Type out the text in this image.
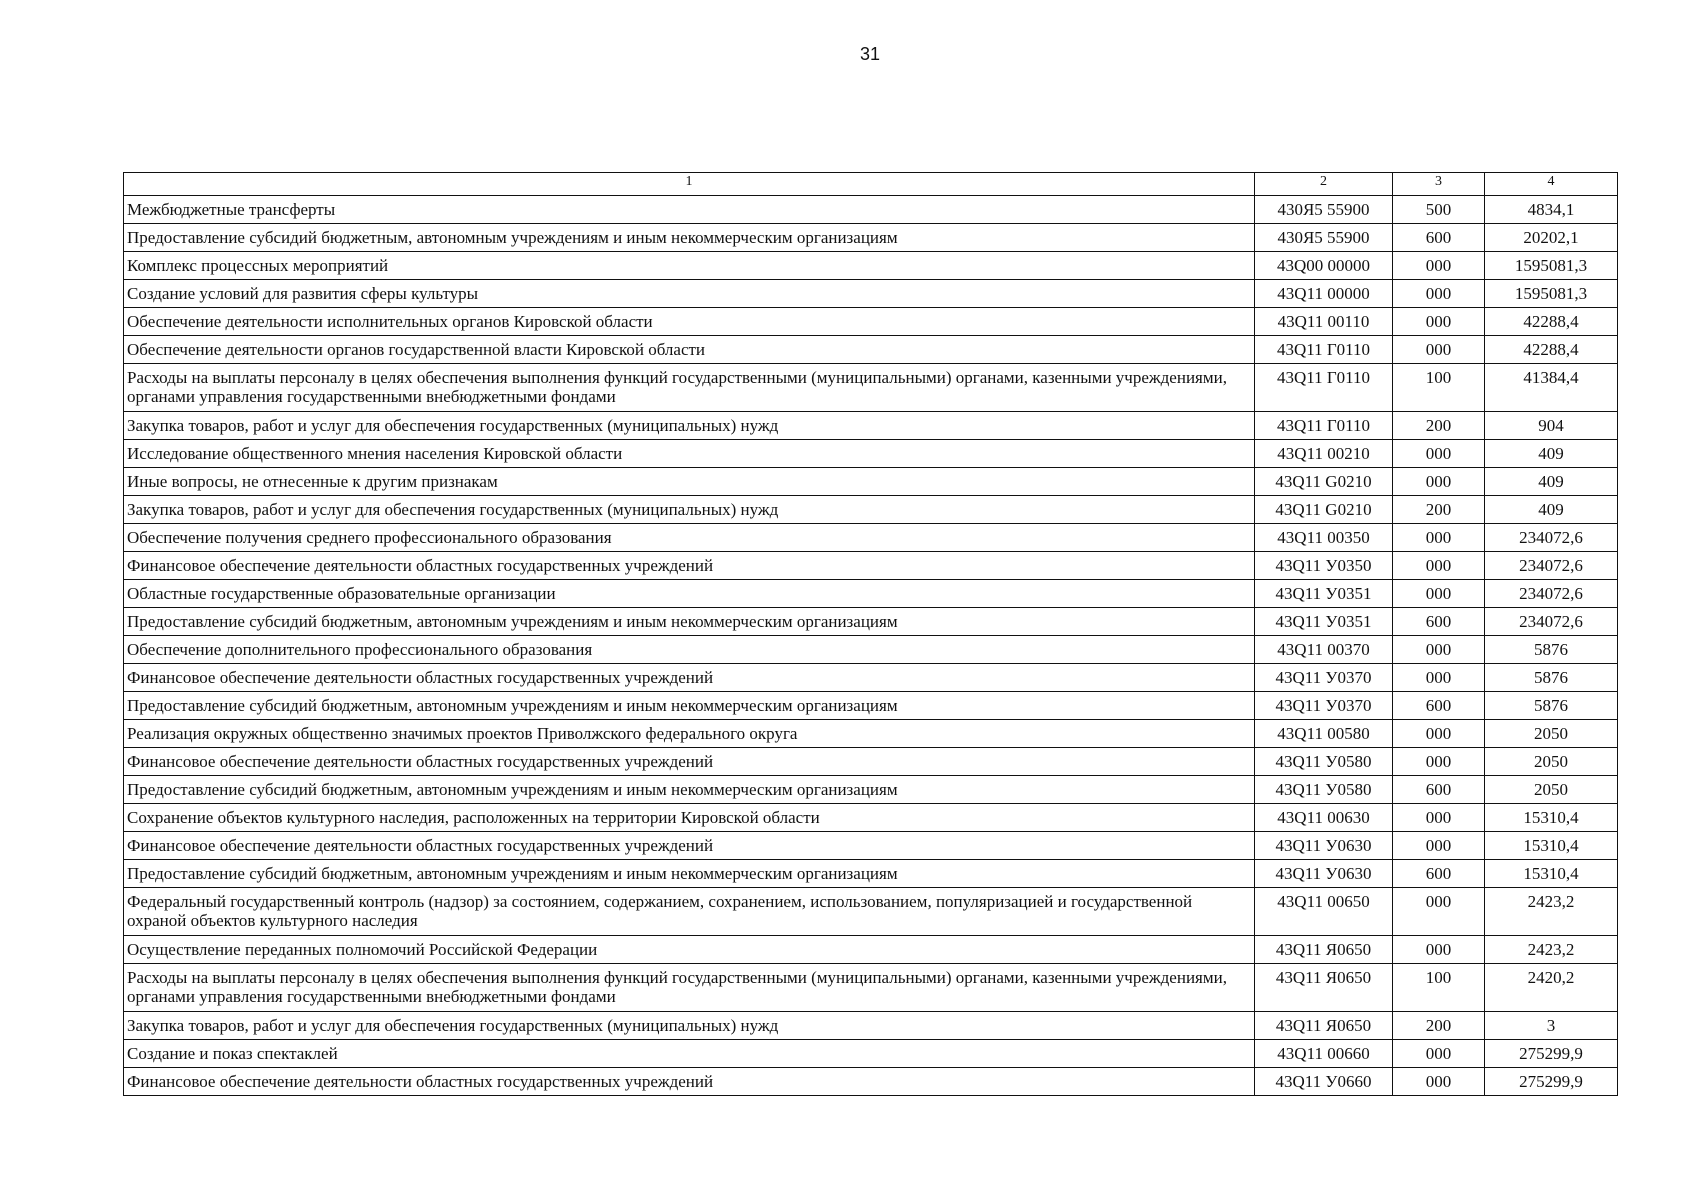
31
1	2	3	4
Межбюджетные трансферты	430Я5 55900	500	4834,1
Предоставление субсидий бюджетным, автономным учреждениям и иным некоммерческим организациям	430Я5 55900	600	20202,1
Комплекс процессных мероприятий	43Q00 00000	000	1595081,3
Создание условий для развития сферы культуры	43Q11 00000	000	1595081,3
Обеспечение деятельности исполнительных органов Кировской области	43Q11 00110	000	42288,4
Обеспечение деятельности органов государственной власти Кировской области	43Q11 Г0110	000	42288,4
Расходы на выплаты персоналу в целях обеспечения выполнения функций государственными (муниципальными) органами, казенными учреждениями, органами управления государственными внебюджетными фондами	43Q11 Г0110	100	41384,4
Закупка товаров, работ и услуг для обеспечения государственных (муниципальных) нужд	43Q11 Г0110	200	904
Исследование общественного мнения населения Кировской области	43Q11 00210	000	409
Иные вопросы, не отнесенные к другим признакам	43Q11 G0210	000	409
Закупка товаров, работ и услуг для обеспечения государственных (муниципальных) нужд	43Q11 G0210	200	409
Обеспечение получения среднего профессионального образования	43Q11 00350	000	234072,6
Финансовое обеспечение деятельности областных государственных учреждений	43Q11 У0350	000	234072,6
Областные государственные образовательные организации	43Q11 У0351	000	234072,6
Предоставление субсидий бюджетным, автономным учреждениям и иным некоммерческим организациям	43Q11 У0351	600	234072,6
Обеспечение дополнительного профессионального образования	43Q11 00370	000	5876
Финансовое обеспечение деятельности областных государственных учреждений	43Q11 У0370	000	5876
Предоставление субсидий бюджетным, автономным учреждениям и иным некоммерческим организациям	43Q11 У0370	600	5876
Реализация окружных общественно значимых проектов Приволжского федерального округа	43Q11 00580	000	2050
Финансовое обеспечение деятельности областных государственных учреждений	43Q11 У0580	000	2050
Предоставление субсидий бюджетным, автономным учреждениям и иным некоммерческим организациям	43Q11 У0580	600	2050
Сохранение объектов культурного наследия, расположенных на территории Кировской области	43Q11 00630	000	15310,4
Финансовое обеспечение деятельности областных государственных учреждений	43Q11 У0630	000	15310,4
Предоставление субсидий бюджетным, автономным учреждениям и иным некоммерческим организациям	43Q11 У0630	600	15310,4
Федеральный государственный контроль (надзор) за состоянием, содержанием, сохранением, использованием, популяризацией и государственной охраной объектов культурного наследия	43Q11 00650	000	2423,2
Осуществление переданных полномочий Российской Федерации	43Q11 Я0650	000	2423,2
Расходы на выплаты персоналу в целях обеспечения выполнения функций государственными (муниципальными) органами, казенными учреждениями, органами управления государственными внебюджетными фондами	43Q11 Я0650	100	2420,2
Закупка товаров, работ и услуг для обеспечения государственных (муниципальных) нужд	43Q11 Я0650	200	3
Создание и показ спектаклей	43Q11 00660	000	275299,9
Финансовое обеспечение деятельности областных государственных учреждений	43Q11 У0660	000	275299,9
